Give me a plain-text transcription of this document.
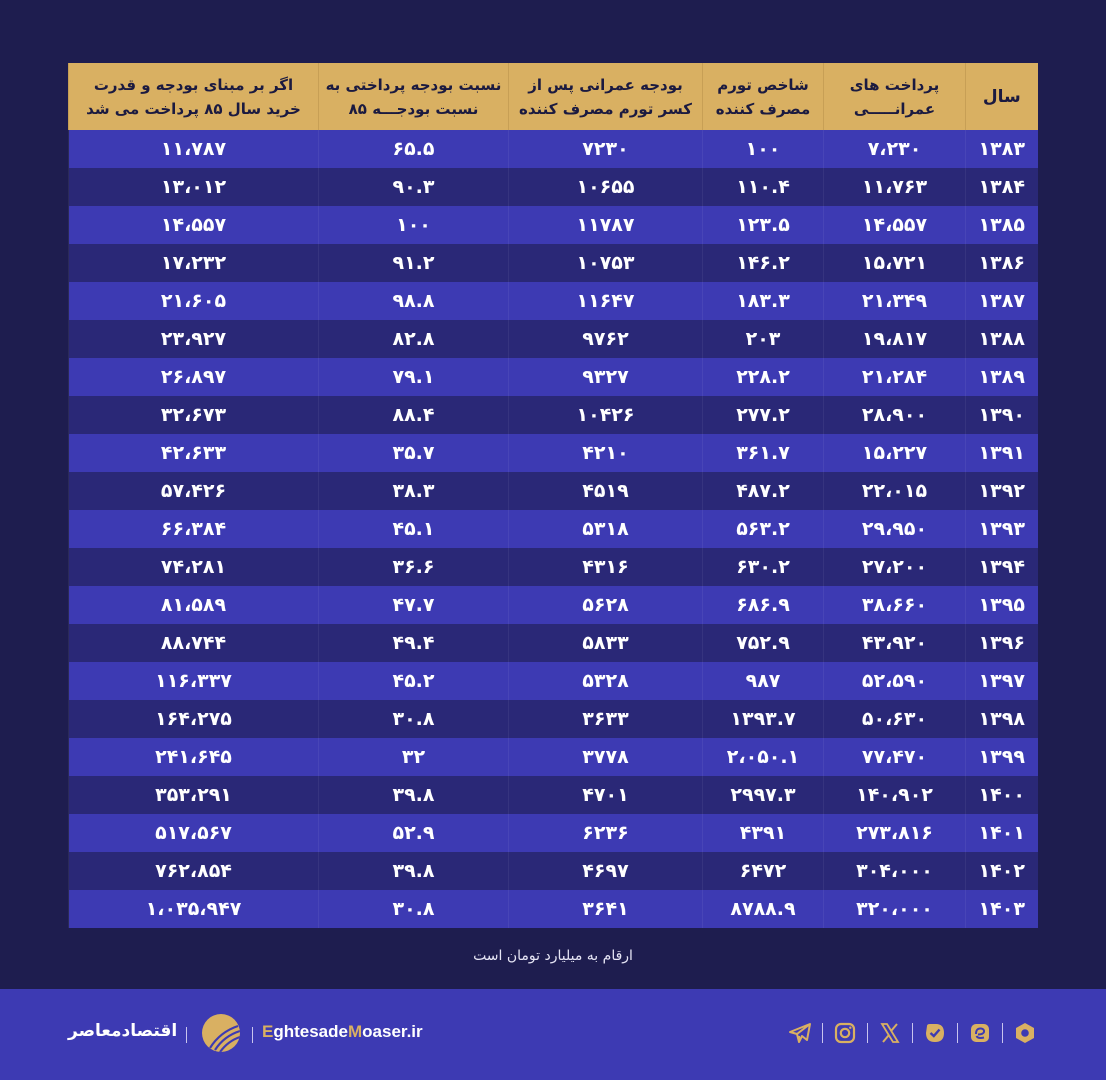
سال	پرداخت های عمرانـــــی	شاخص تورم مصرف کننده	بودجه عمرانی پس از کسر تورم مصرف کننده	نسبت بودجه پرداختی به نسبت بودجـــه ۸۵	اگر بر مبنای بودجه و قدرت خرید سال ۸۵ پرداخت می شد
۱۳۸۳	۷،۲۳۰	۱۰۰	۷۲۳۰	۶۵.۵	۱۱،۷۸۷
۱۳۸۴	۱۱،۷۶۳	۱۱۰.۴	۱۰۶۵۵	۹۰.۳	۱۳،۰۱۲
۱۳۸۵	۱۴،۵۵۷	۱۲۳.۵	۱۱۷۸۷	۱۰۰	۱۴،۵۵۷
۱۳۸۶	۱۵،۷۲۱	۱۴۶.۲	۱۰۷۵۳	۹۱.۲	۱۷،۲۳۲
۱۳۸۷	۲۱،۳۴۹	۱۸۳.۳	۱۱۶۴۷	۹۸.۸	۲۱،۶۰۵
۱۳۸۸	۱۹،۸۱۷	۲۰۳	۹۷۶۲	۸۲.۸	۲۳،۹۲۷
۱۳۸۹	۲۱،۲۸۴	۲۲۸.۲	۹۳۲۷	۷۹.۱	۲۶،۸۹۷
۱۳۹۰	۲۸،۹۰۰	۲۷۷.۲	۱۰۴۲۶	۸۸.۴	۳۲،۶۷۳
۱۳۹۱	۱۵،۲۲۷	۳۶۱.۷	۴۲۱۰	۳۵.۷	۴۲،۶۳۳
۱۳۹۲	۲۲،۰۱۵	۴۸۷.۲	۴۵۱۹	۳۸.۳	۵۷،۴۲۶
۱۳۹۳	۲۹،۹۵۰	۵۶۳.۲	۵۳۱۸	۴۵.۱	۶۶،۳۸۴
۱۳۹۴	۲۷،۲۰۰	۶۳۰.۲	۴۳۱۶	۳۶.۶	۷۴،۲۸۱
۱۳۹۵	۳۸،۶۶۰	۶۸۶.۹	۵۶۲۸	۴۷.۷	۸۱،۵۸۹
۱۳۹۶	۴۳،۹۲۰	۷۵۲.۹	۵۸۳۳	۴۹.۴	۸۸،۷۴۴
۱۳۹۷	۵۲،۵۹۰	۹۸۷	۵۳۲۸	۴۵.۲	۱۱۶،۳۳۷
۱۳۹۸	۵۰،۶۳۰	۱۳۹۳.۷	۳۶۳۳	۳۰.۸	۱۶۴،۲۷۵
۱۳۹۹	۷۷،۴۷۰	۲،۰۵۰.۱	۳۷۷۸	۳۲	۲۴۱،۶۴۵
۱۴۰۰	۱۴۰،۹۰۲	۲۹۹۷.۳	۴۷۰۱	۳۹.۸	۳۵۳،۲۹۱
۱۴۰۱	۲۷۳،۸۱۶	۴۳۹۱	۶۲۳۶	۵۲.۹	۵۱۷،۵۶۷
۱۴۰۲	۳۰۴،۰۰۰	۶۴۷۲	۴۶۹۷	۳۹.۸	۷۶۲،۸۵۴
۱۴۰۳	۳۲۰،۰۰۰	۸۷۸۸.۹	۳۶۴۱	۳۰.۸	۱،۰۳۵،۹۴۷
ارقام به میلیارد تومان است
اقتصادمعاصر	EghtesadeMoaser.ir
